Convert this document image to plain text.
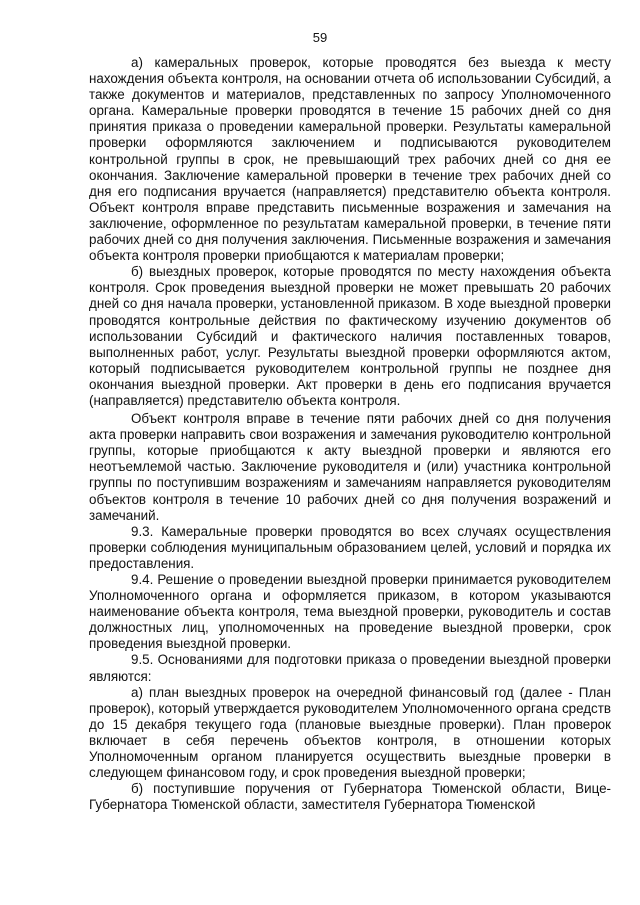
59

а) камеральных проверок, которые проводятся без выезда к месту нахождения объекта контроля, на основании отчета об использовании Субсидий, а также документов и материалов, представленных по запросу Уполномоченного органа. Камеральные проверки проводятся в течение 15 рабочих дней со дня принятия приказа о проведении камеральной проверки. Результаты камеральной проверки оформляются заключением и подписываются руководителем контрольной группы в срок, не превышающий трех рабочих дней со дня ее окончания. Заключение камеральной проверки в течение трех рабочих дней со дня его подписания вручается (направляется) представителю объекта контроля. Объект контроля вправе представить письменные возражения и замечания на заключение, оформленное по результатам камеральной проверки, в течение пяти рабочих дней со дня получения заключения. Письменные возражения и замечания объекта контроля проверки приобщаются к материалам проверки;

б) выездных проверок, которые проводятся по месту нахождения объекта контроля. Срок проведения выездной проверки не может превышать 20 рабочих дней со дня начала проверки, установленной приказом. В ходе выездной проверки проводятся контрольные действия по фактическому изучению документов об использовании Субсидий и фактического наличия поставленных товаров, выполненных работ, услуг. Результаты выездной проверки оформляются актом, который подписывается руководителем контрольной группы не позднее дня окончания выездной проверки. Акт проверки в день его подписания вручается (направляется) представителю объекта контроля.

Объект контроля вправе в течение пяти рабочих дней со дня получения акта проверки направить свои возражения и замечания руководителю контрольной группы, которые приобщаются к акту выездной проверки и являются его неотъемлемой частью. Заключение руководителя и (или) участника контрольной группы по поступившим возражениям и замечаниям направляется руководителям объектов контроля в течение 10 рабочих дней со дня получения возражений и замечаний.

9.3. Камеральные проверки проводятся во всех случаях осуществления проверки соблюдения муниципальным образованием целей, условий и порядка их предоставления.

9.4. Решение о проведении выездной проверки принимается руководителем Уполномоченного органа и оформляется приказом, в котором указываются наименование объекта контроля, тема выездной проверки, руководитель и состав должностных лиц, уполномоченных на проведение выездной проверки, срок проведения выездной проверки.

9.5. Основаниями для подготовки приказа о проведении выездной проверки являются:

а) план выездных проверок на очередной финансовый год (далее - План проверок), который утверждается руководителем Уполномоченного органа средств до 15 декабря текущего года (плановые выездные проверки). План проверок включает в себя перечень объектов контроля, в отношении которых Уполномоченным органом планируется осуществить выездные проверки в следующем финансовом году, и срок проведения выездной проверки;

б) поступившие поручения от Губернатора Тюменской области, Вице-Губернатора Тюменской области, заместителя Губернатора Тюменской
